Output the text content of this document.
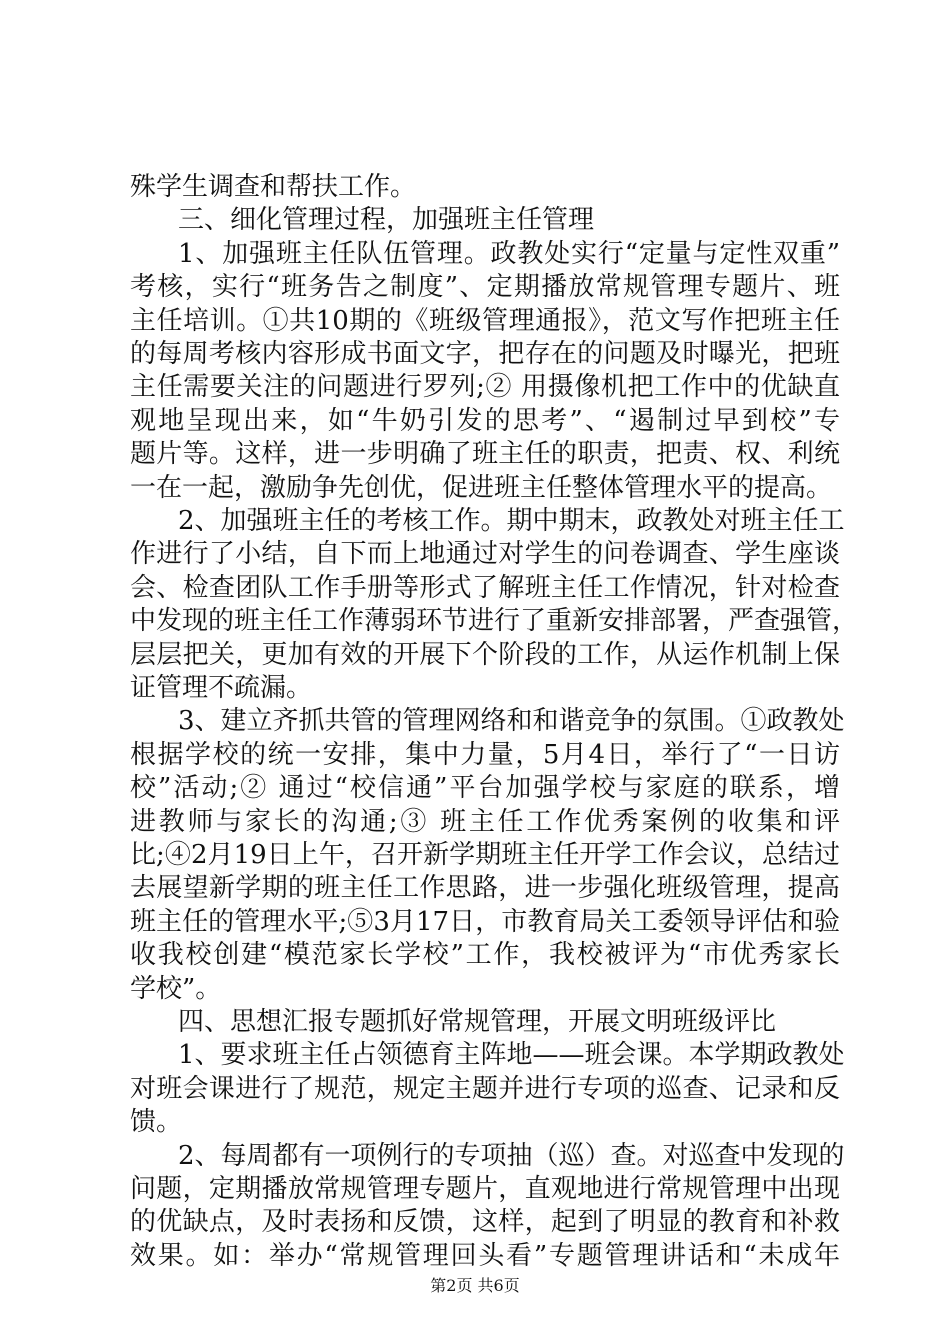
殊学生调查和帮扶工作。
三、细化管理过程，加强班主任管理
1、加强班主任队伍管理。政教处实行“定量与定性双重”
考核，实行“班务告之制度”、定期播放常规管理专题片、班
主任培训。①共10期的《班级管理通报》，范文写作把班主任
的每周考核内容形成书面文字，把存在的问题及时曝光，把班
主任需要关注的问题进行罗列;② 用摄像机把工作中的优缺直
观地呈现出来，如“牛奶引发的思考”、“遏制过早到校”专
题片等。这样，进一步明确了班主任的职责，把责、权、利统
一在一起，激励争先创优，促进班主任整体管理水平的提高。
2、加强班主任的考核工作。期中期末，政教处对班主任工
作进行了小结，自下而上地通过对学生的问卷调查、学生座谈
会、检查团队工作手册等形式了解班主任工作情况，针对检查
中发现的班主任工作薄弱环节进行了重新安排部署，严查强管，
层层把关，更加有效的开展下个阶段的工作，从运作机制上保
证管理不疏漏。
3、建立齐抓共管的管理网络和和谐竞争的氛围。①政教处
根据学校的统一安排，集中力量，5月4日，举行了“一日访
校”活动;② 通过“校信通”平台加强学校与家庭的联系，增
进教师与家长的沟通;③ 班主任工作优秀案例的收集和评
比;④2月19日上午，召开新学期班主任开学工作会议，总结过
去展望新学期的班主任工作思路，进一步强化班级管理，提高
班主任的管理水平;⑤3月17日，市教育局关工委领导评估和验
收我校创建“模范家长学校”工作，我校被评为“市优秀家长
学校”。
四、思想汇报专题抓好常规管理，开展文明班级评比
1、要求班主任占领德育主阵地——班会课。本学期政教处
对班会课进行了规范，规定主题并进行专项的巡查、记录和反
馈。
2、每周都有一项例行的专项抽（巡）查。对巡查中发现的
问题，定期播放常规管理专题片，直观地进行常规管理中出现
的优缺点，及时表扬和反馈，这样，起到了明显的教育和补救
效果。如：举办“常规管理回头看”专题管理讲话和“未成年
第2页 共6页
